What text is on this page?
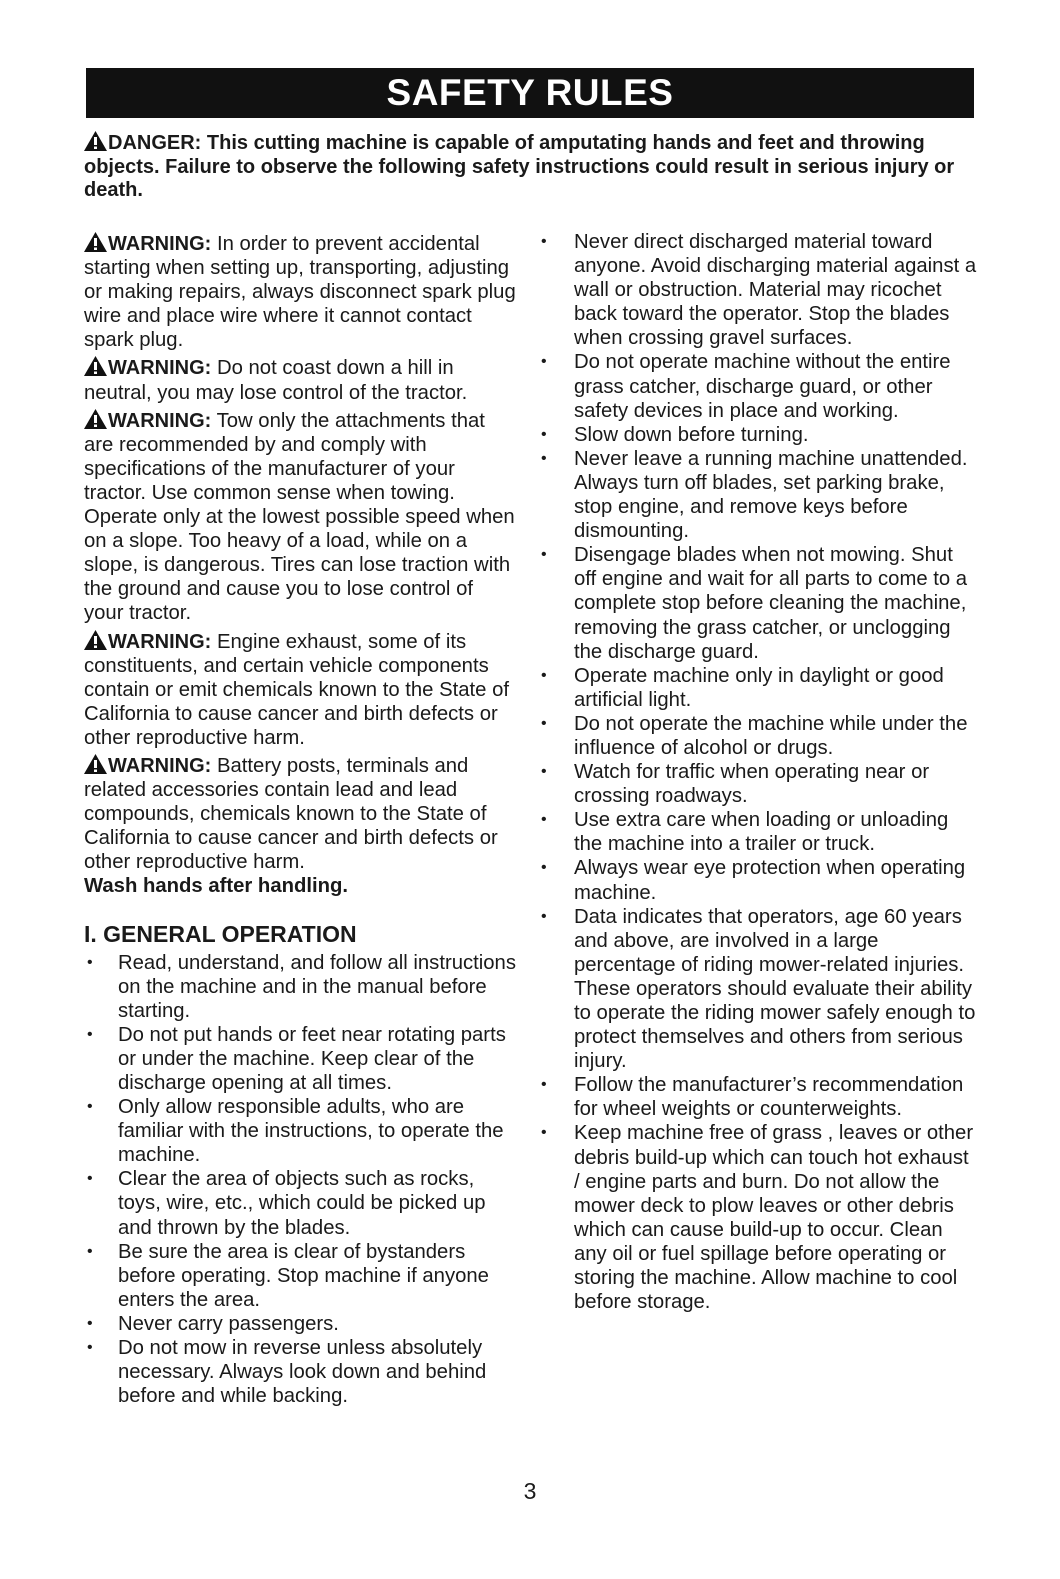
SAFETY RULES
DANGER: This cutting machine is capable of amputating hands and feet and throwing objects. Failure to observe the following safety instructions could result in serious injury or death.

WARNING: In order to prevent accidental starting when setting up, transporting, adjusting or making repairs, always disconnect spark plug wire and place wire where it cannot contact spark plug.

WARNING: Do not coast down a hill in neutral, you may lose control of the tractor.

WARNING: Tow only the attachments that are recommended by and comply with specifications of the manufacturer of your tractor. Use common sense when towing. Operate only at the lowest possible speed when on a slope. Too heavy of a load, while on a slope, is dangerous. Tires can lose traction with the ground and cause you to lose control of your tractor.

WARNING: Engine exhaust, some of its constituents, and certain vehicle components contain or emit chemicals known to the State of California to cause cancer and birth defects or other reproductive harm.

WARNING: Battery posts, terminals and related accessories contain lead and lead compounds, chemicals known to the State of California to cause cancer and birth defects or other reproductive harm.
Wash hands after handling.

I. GENERAL OPERATION
• Read, understand, and follow all instructions on the machine and in the manual before starting.
• Do not put hands or feet near rotating parts or under the machine. Keep clear of the discharge opening at all times.
• Only allow responsible adults, who are familiar with the instructions, to operate the machine.
• Clear the area of objects such as rocks, toys, wire, etc., which could be picked up and thrown by the blades.
• Be sure the area is clear of bystanders before operating. Stop machine if anyone enters the area.
• Never carry passengers.
• Do not mow in reverse unless absolutely necessary. Always look down and behind before and while backing.
• Never direct discharged material toward anyone. Avoid discharging material against a wall or obstruction. Material may ricochet back toward the operator. Stop the blades when crossing gravel surfaces.
• Do not operate machine without the entire grass catcher, discharge guard, or other safety devices in place and working.
• Slow down before turning.
• Never leave a running machine unattended. Always turn off blades, set parking brake, stop engine, and remove keys before dismounting.
• Disengage blades when not mowing. Shut off engine and wait for all parts to come to a complete stop before cleaning the machine, removing the grass catcher, or unclogging the discharge guard.
• Operate machine only in daylight or good artificial light.
• Do not operate the machine while under the influence of alcohol or drugs.
• Watch for traffic when operating near or crossing roadways.
• Use extra care when loading or unloading the machine into a trailer or truck.
• Always wear eye protection when operating machine.
• Data indicates that operators, age 60 years and above, are involved in a large percentage of riding mower-related injuries. These operators should evaluate their ability to operate the riding mower safely enough to protect themselves and others from serious injury.
• Follow the manufacturer’s recommendation for wheel weights or counterweights.
• Keep machine free of grass , leaves or other debris build-up which can touch hot exhaust / engine parts and burn. Do not allow the mower deck to plow leaves or other debris which can cause build-up to occur. Clean any oil or fuel spillage before operating or storing the machine. Allow machine to cool before storage.
3
